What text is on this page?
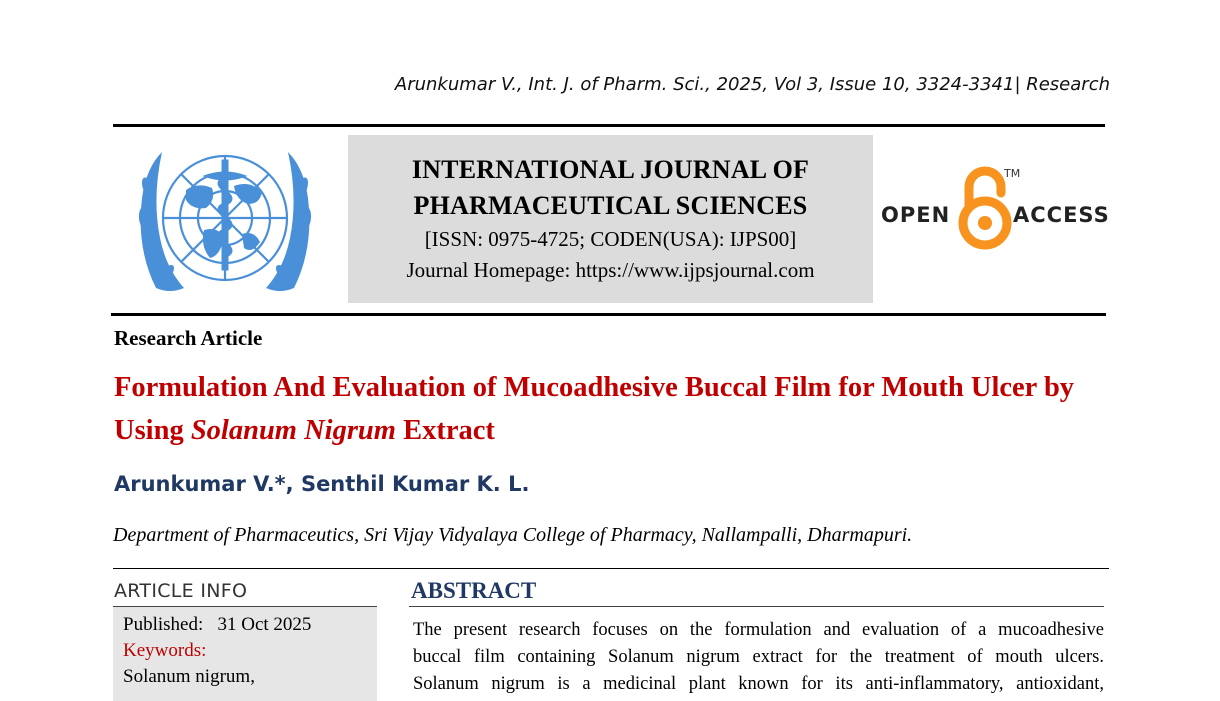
Arunkumar V., Int. J. of Pharm. Sci., 2025, Vol 3, Issue 10, 3324-3341| Research
INTERNATIONAL JOURNAL OF
PHARMACEUTICAL SCIENCES
[ISSN: 0975-4725; CODEN(USA): IJPS00]
Journal Homepage: https://www.ijpsjournal.com
OPEN
TM
ACCESS
Research Article
Formulation And Evaluation of Mucoadhesive Buccal Film for Mouth Ulcer by Using Solanum Nigrum Extract
Arunkumar V.*, Senthil Kumar K. L.
Department of Pharmaceutics, Sri Vijay Vidyalaya College of Pharmacy, Nallampalli, Dharmapuri.
ARTICLE INFO
Published: 31 Oct 2025
Keywords:
Solanum nigrum,
ABSTRACT
The present research focuses on the formulation and evaluation of a mucoadhesive
buccal film containing Solanum nigrum extract for the treatment of mouth ulcers.
Solanum nigrum is a medicinal plant known for its anti-inflammatory, antioxidant,
